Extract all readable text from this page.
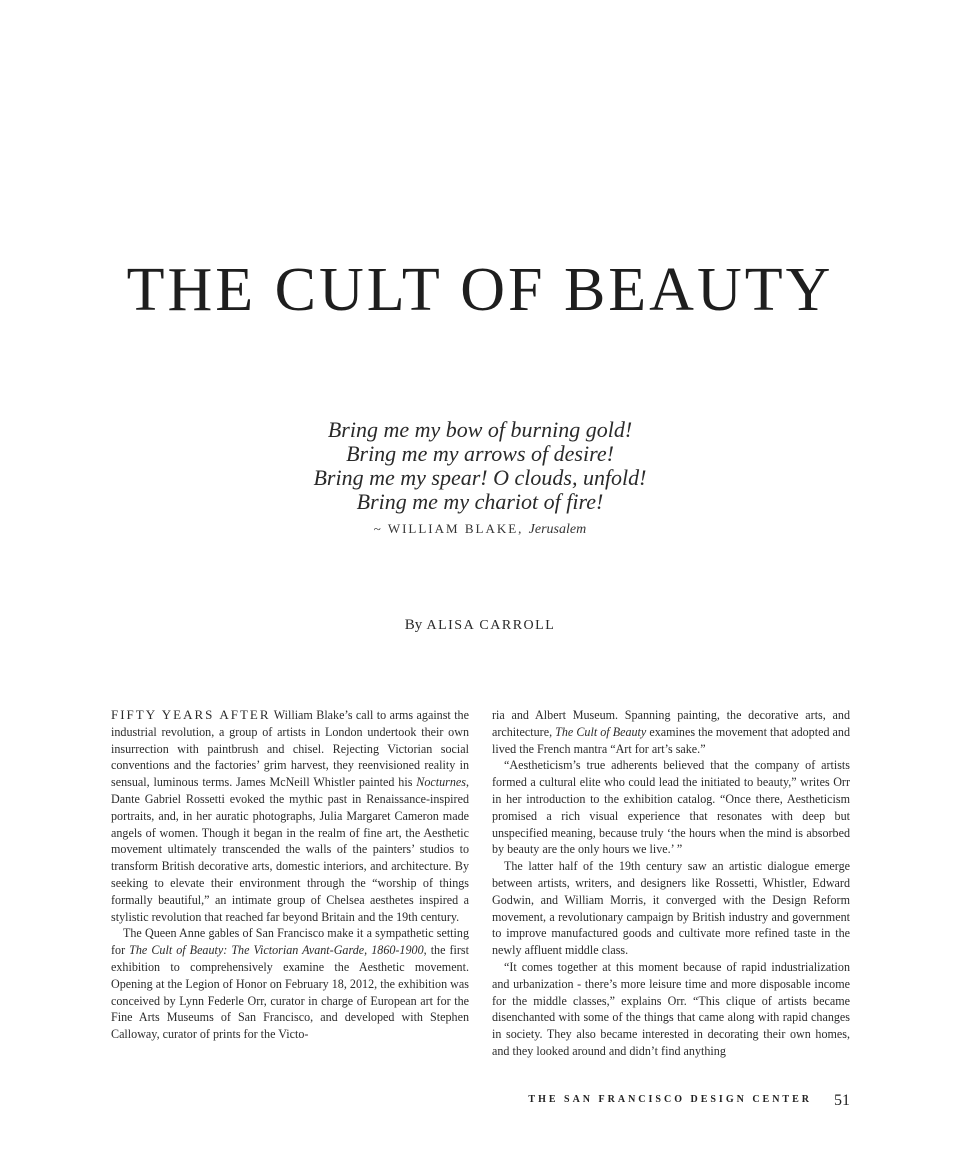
THE CULT OF BEAUTY
Bring me my bow of burning gold!
Bring me my arrows of desire!
Bring me my spear! O clouds, unfold!
Bring me my chariot of fire!
~ WILLIAM BLAKE, Jerusalem
By ALISA CARROLL

FIFTY YEARS AFTER William Blake’s call to arms against the industrial revolution, a group of artists in London undertook their own insurrection with paintbrush and chisel. Rejecting Victorian social conventions and the factories’ grim harvest, they reenvisioned reality in sensual, luminous terms. James McNeill Whistler painted his Nocturnes, Dante Gabriel Rossetti evoked the mythic past in Renaissance-inspired portraits, and, in her auratic photographs, Julia Margaret Cameron made angels of women. Though it began in the realm of fine art, the Aesthetic movement ultimately transcended the walls of the painters’ studios to transform British decorative arts, domestic interiors, and architecture. By seeking to elevate their environment through the “worship of things formally beautiful,” an intimate group of Chelsea aesthetes inspired a stylistic revolution that reached far beyond Britain and the 19th century.

The Queen Anne gables of San Francisco make it a sympathetic setting for The Cult of Beauty: The Victorian Avant-Garde, 1860-1900, the first exhibition to comprehensively examine the Aesthetic movement. Opening at the Legion of Honor on February 18, 2012, the exhibition was conceived by Lynn Federle Orr, curator in charge of European art for the Fine Arts Museums of San Francisco, and developed with Stephen Calloway, curator of prints for the Victo-

ria and Albert Museum. Spanning painting, the decorative arts, and architecture, The Cult of Beauty examines the movement that adopted and lived the French mantra “Art for art’s sake.”

“Aestheticism’s true adherents believed that the company of artists formed a cultural elite who could lead the initiated to beauty,” writes Orr in her introduction to the exhibition catalog. “Once there, Aestheticism promised a rich visual experience that resonates with deep but unspecified meaning, because truly ‘the hours when the mind is absorbed by beauty are the only hours we live.’ ”

The latter half of the 19th century saw an artistic dialogue emerge between artists, writers, and designers like Rossetti, Whistler, Edward Godwin, and William Morris, it converged with the Design Reform movement, a revolutionary campaign by British industry and government to improve manufactured goods and cultivate more refined taste in the newly affluent middle class.

“It comes together at this moment because of rapid industrialization and urbanization - there’s more leisure time and more disposable income for the middle classes,” explains Orr. “This clique of artists became disenchanted with some of the things that came along with rapid changes in society. They also became interested in decorating their own homes, and they looked around and didn’t find anything

THE SAN FRANCISCO DESIGN CENTER 51
